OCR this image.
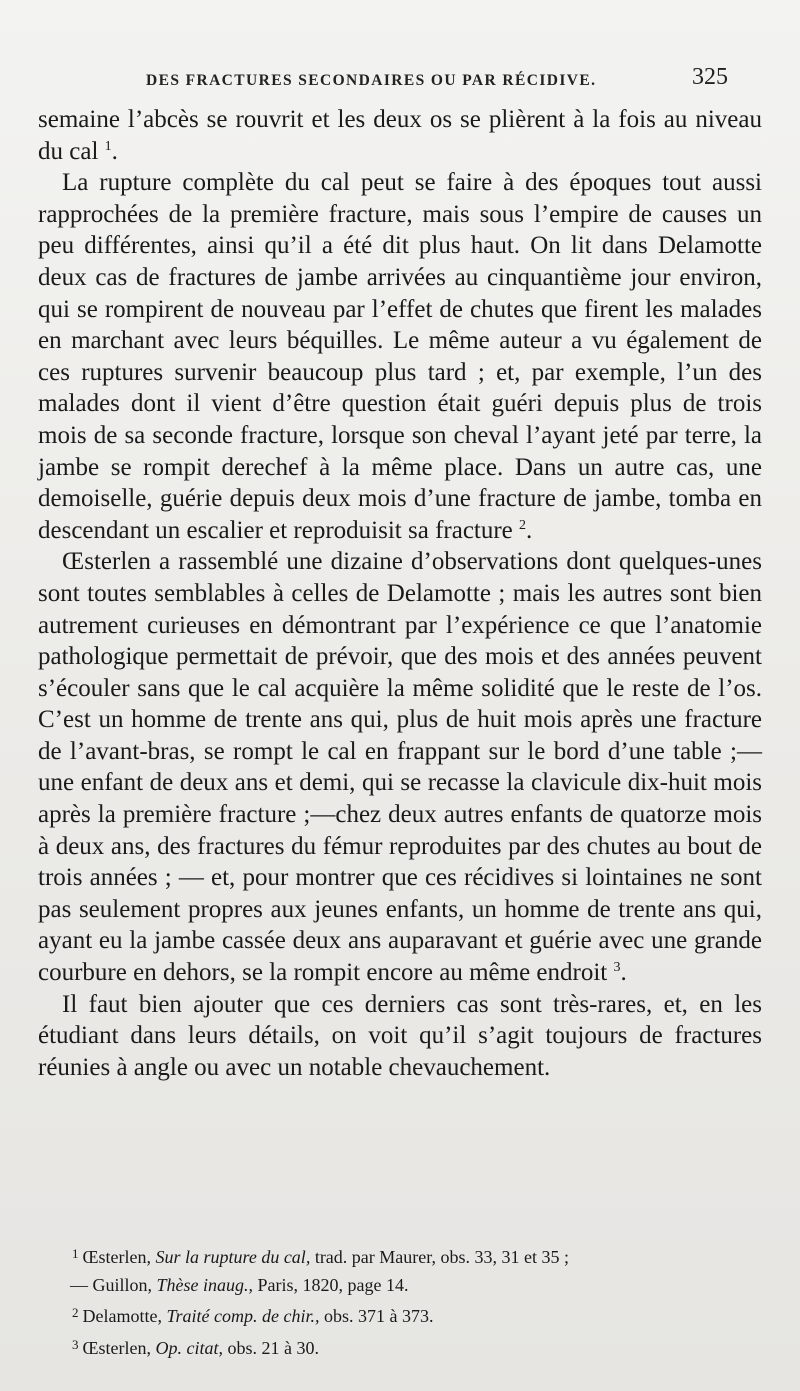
DES FRACTURES SECONDAIRES OU PAR RÉCIDIVE.	325

semaine l’abcès se rouvrit et les deux os se plièrent à la fois au niveau du cal $^1$.

La rupture complète du cal peut se faire à des époques tout aussi rapprochées de la première fracture, mais sous l’empire de causes un peu différentes, ainsi qu’il a été dit plus haut. On lit dans Delamotte deux cas de fractures de jambe arrivées au cinquantième jour environ, qui se rompirent de nouveau par l’effet de chutes que firent les malades en marchant avec leurs béquilles. Le même auteur a vu également de ces ruptures survenir beaucoup plus tard ; et, par exemple, l’un des malades dont il vient d’être question était guéri depuis plus de trois mois de sa seconde fracture, lorsque son cheval l’ayant jeté par terre, la jambe se rompit derechef à la même place. Dans un autre cas, une demoiselle, guérie depuis deux mois d’une fracture de jambe, tomba en descendant un escalier et reproduisit sa fracture $^2$.

Œsterlen a rassemblé une dizaine d’observations dont quelques-unes sont toutes semblables à celles de Delamotte ; mais les autres sont bien autrement curieuses en démontrant par l’expérience ce que l’anatomie pathologique permettait de prévoir, que des mois et des années peuvent s’écouler sans que le cal acquière la même solidité que le reste de l’os. C’est un homme de trente ans qui, plus de huit mois après une fracture de l’avant-bras, se rompt le cal en frappant sur le bord d’une table ;—une enfant de deux ans et demi, qui se recasse la clavicule dix-huit mois après la première fracture ;—chez deux autres enfants de quatorze mois à deux ans, des fractures du fémur reproduites par des chutes au bout de trois années ; — et, pour montrer que ces récidives si lointaines ne sont pas seulement propres aux jeunes enfants, un homme de trente ans qui, ayant eu la jambe cassée deux ans auparavant et guérie avec une grande courbure en dehors, se la rompit encore au même endroit $^3$.

Il faut bien ajouter que ces derniers cas sont très-rares, et, en les étudiant dans leurs détails, on voit qu’il s’agit toujours de fractures réunies à angle ou avec un notable chevauchement.

$^1$ Œsterlen, Sur la rupture du cal, trad. par Maurer, obs. 33, 31 et 35 ;

— Guillon, Thèse inaug., Paris, 1820, page 14.

$^2$ Delamotte, Traité comp. de chir., obs. 371 à 373.

$^3$ Œsterlen, Op. citat, obs. 21 à 30.
